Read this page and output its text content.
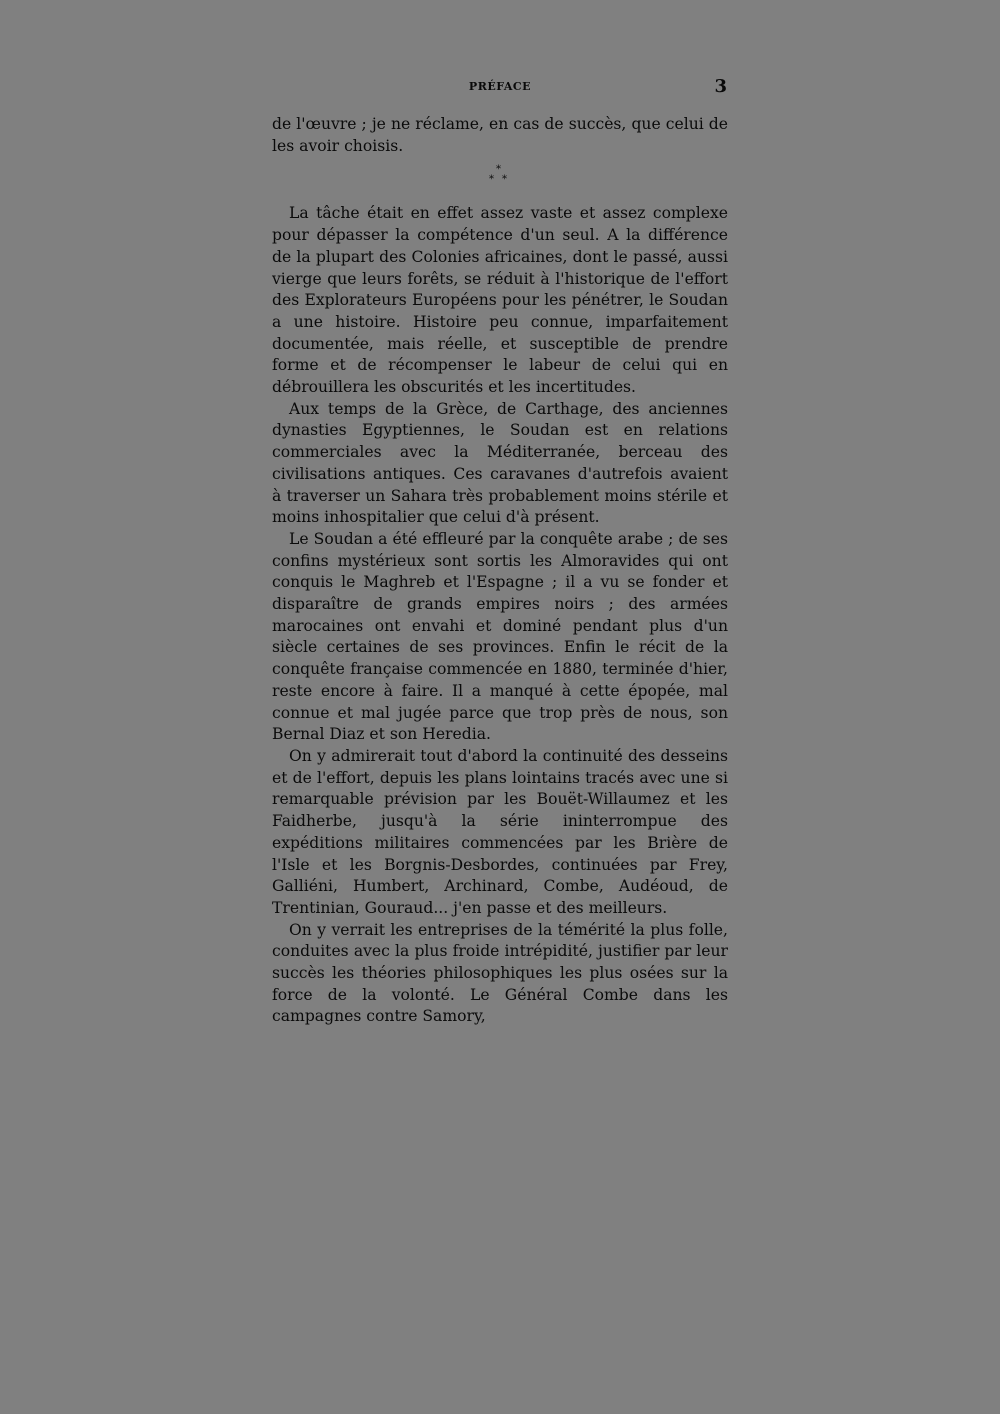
PRÉFACE	3

de l'œuvre ; je ne réclame, en cas de succès, que celui de les avoir choisis.

*
* *

La tâche était en effet assez vaste et assez complexe pour dépasser la compétence d'un seul. A la différence de la plupart des Colonies africaines, dont le passé, aussi vierge que leurs forêts, se réduit à l'historique de l'effort des Explorateurs Européens pour les pénétrer, le Soudan a une histoire. Histoire peu connue, imparfaitement documentée, mais réelle, et susceptible de prendre forme et de récompenser le labeur de celui qui en débrouillera les obscurités et les incertitudes.

Aux temps de la Grèce, de Carthage, des anciennes dynasties Egyptiennes, le Soudan est en relations commerciales avec la Méditerranée, berceau des civilisations antiques. Ces caravanes d'autrefois avaient à traverser un Sahara très probablement moins stérile et moins inhospitalier que celui d'à présent.

Le Soudan a été effleuré par la conquête arabe ; de ses confins mystérieux sont sortis les Almoravides qui ont conquis le Maghreb et l'Espagne ; il a vu se fonder et disparaître de grands empires noirs ; des armées marocaines ont envahi et dominé pendant plus d'un siècle certaines de ses provinces. Enfin le récit de la conquête française commencée en 1880, terminée d'hier, reste encore à faire. Il a manqué à cette épopée, mal connue et mal jugée parce que trop près de nous, son Bernal Diaz et son Heredia.

On y admirerait tout d'abord la continuité des desseins et de l'effort, depuis les plans lointains tracés avec une si remarquable prévision par les Bouët-Willaumez et les Faidherbe, jusqu'à la série ininterrompue des expéditions militaires commencées par les Brière de l'Isle et les Borgnis-Desbordes, continuées par Frey, Galliéni, Humbert, Archinard, Combe, Audéoud, de Trentinian, Gouraud... j'en passe et des meilleurs.

On y verrait les entreprises de la témérité la plus folle, conduites avec la plus froide intrépidité, justifier par leur succès les théories philosophiques les plus osées sur la force de la volonté. Le Général Combe dans les campagnes contre Samory,
